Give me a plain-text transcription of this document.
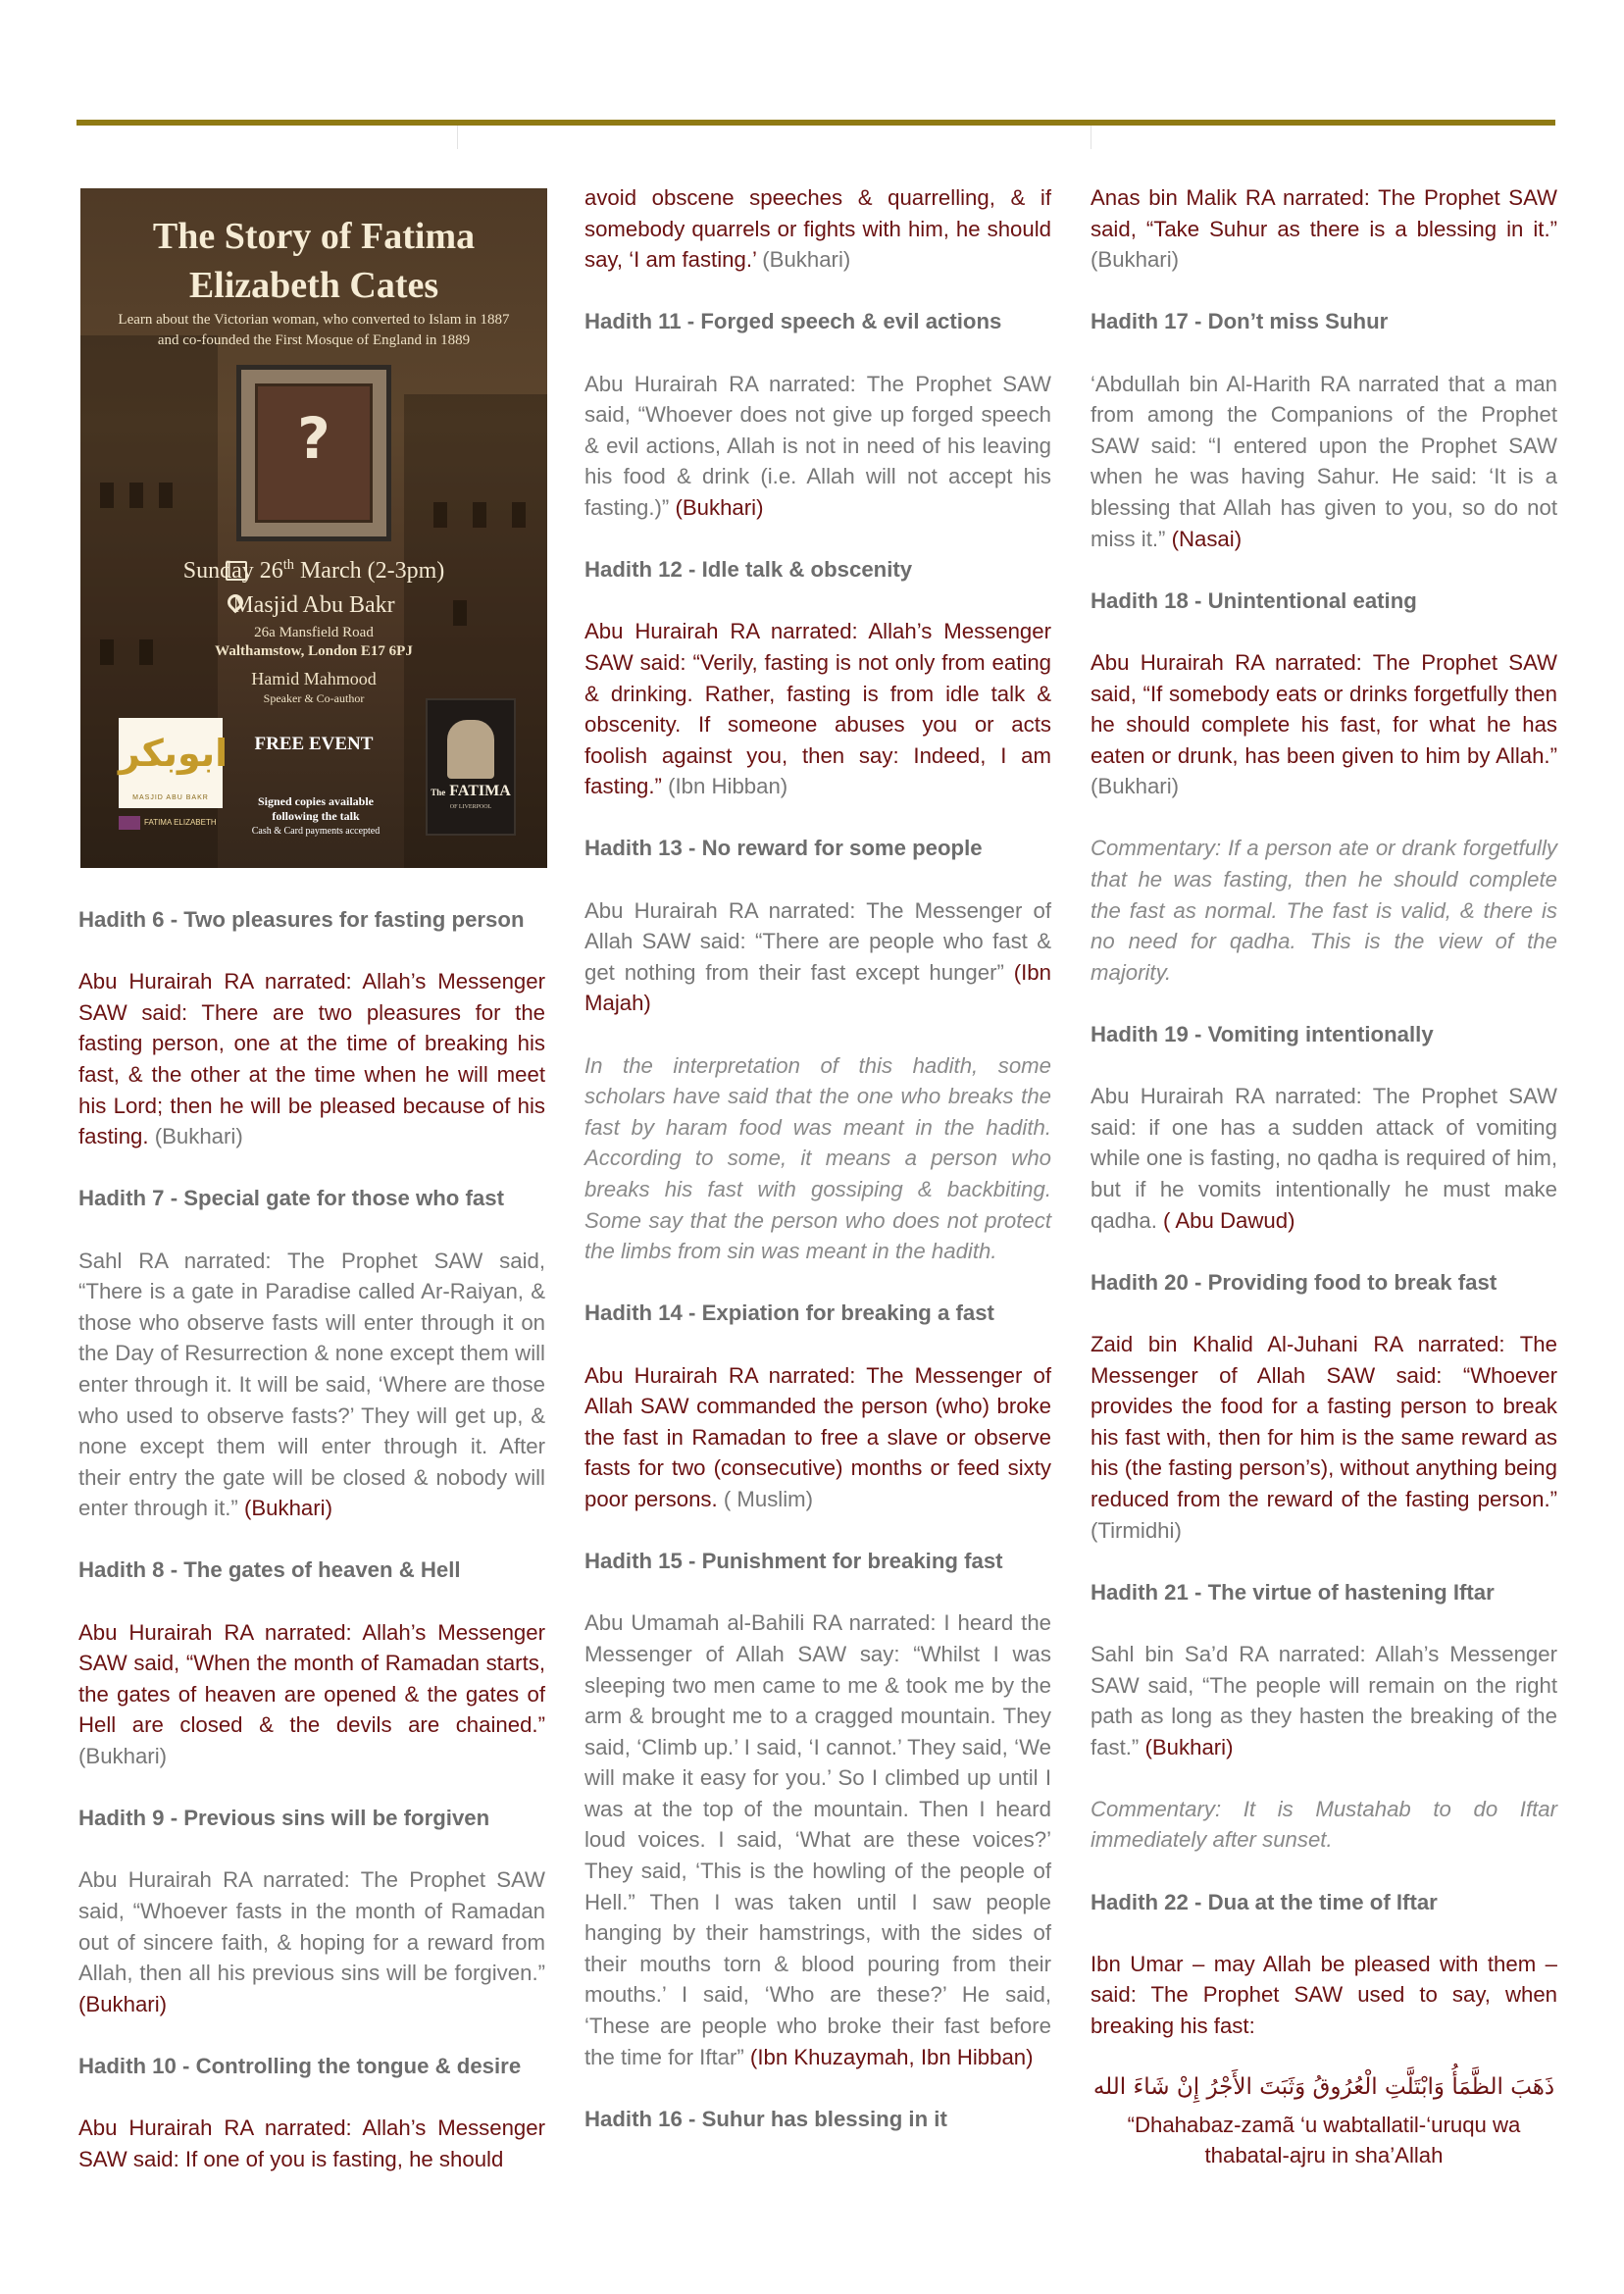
The Story of Fatima
Elizabeth Cates
Learn about the Victorian woman, who converted to Islam in 1887 and co-founded the First Mosque of England in 1889
?
Sunday 26th March (2-3pm)
Masjid Abu Bakr
26a Mansfield Road
Walthamstow, London E17 6PJ
Hamid Mahmood
Speaker & Co-author
FREE EVENT
ابوبكر
MASJID ABU BAKR
FATIMA ELIZABETH
Signed copies available
following the talk
Cash & Card payments accepted
The FATIMA
OF LIVERPOOL

Hadith 6 - Two pleasures for fasting person

Abu Hurairah RA narrated: Allah’s Messenger SAW said: There are two pleasures for the fasting person, one at the time of breaking his fast, & the other at the time when he will meet his Lord; then he will be pleased because of his fasting. (Bukhari)

Hadith 7 - Special gate for those who fast

Sahl RA narrated: The Prophet SAW said, “There is a gate in Paradise called Ar-Raiyan, & those who observe fasts will enter through it on the Day of Resurrection & none except them will enter through it. It will be said, ‘Where are those who used to observe fasts?’ They will get up, & none except them will enter through it. After their entry the gate will be closed & nobody will enter through it.” (Bukhari)

Hadith 8 - The gates of heaven & Hell

Abu Hurairah RA narrated: Allah’s Messenger SAW said, “When the month of Ramadan starts, the gates of heaven are opened & the gates of Hell are closed & the devils are chained.” (Bukhari)

Hadith 9 - Previous sins will be forgiven

Abu Hurairah RA narrated: The Prophet SAW said, “Whoever fasts in the month of Ramadan out of sincere faith, & hoping for a reward from Allah, then all his previous sins will be forgiven.” (Bukhari)

Hadith 10 - Controlling the tongue & desire

Abu Hurairah RA narrated: Allah’s Messenger SAW said: If one of you is fasting, he should

avoid obscene speeches & quarrelling, & if somebody quarrels or fights with him, he should say, ‘I am fasting.’ (Bukhari)

Hadith 11 - Forged speech & evil actions

Abu Hurairah RA narrated: The Prophet SAW said, “Whoever does not give up forged speech & evil actions, Allah is not in need of his leaving his food & drink (i.e. Allah will not accept his fasting.)” (Bukhari)

Hadith 12 - Idle talk & obscenity

Abu Hurairah RA narrated: Allah’s Messenger SAW said: “Verily, fasting is not only from eating & drinking. Rather, fasting is from idle talk & obscenity. If someone abuses you or acts foolish against you, then say: Indeed, I am fasting.” (Ibn Hibban)

Hadith 13 - No reward for some people

Abu Hurairah RA narrated: The Messenger of Allah SAW said: “There are people who fast & get nothing from their fast except hunger” (Ibn Majah)

In the interpretation of this hadith, some scholars have said that the one who breaks the fast by haram food was meant in the hadith. According to some, it means a person who breaks his fast with gossiping & backbiting. Some say that the person who does not protect the limbs from sin was meant in the hadith.

Hadith 14 - Expiation for breaking a fast

Abu Hurairah RA narrated: The Messenger of Allah SAW commanded the person (who) broke the fast in Ramadan to free a slave or observe fasts for two (consecutive) months or feed sixty poor persons. ( Muslim)

Hadith 15 - Punishment for breaking fast

Abu Umamah al-Bahili RA narrated: I heard the Messenger of Allah SAW say: “Whilst I was sleeping two men came to me & took me by the arm & brought me to a cragged mountain. They said, ‘Climb up.’ I said, ‘I cannot.’ They said, ‘We will make it easy for you.’ So I climbed up until I was at the top of the mountain. Then I heard loud voices. I said, ‘What are these voices?’ They said, ‘This is the howling of the people of Hell.” Then I was taken until I saw people hanging by their hamstrings, with the sides of their mouths torn & blood pouring from their mouths.’ I said, ‘Who are these?’ He said, ‘These are people who broke their fast before the time for Iftar” (Ibn Khuzaymah, Ibn Hibban)

Hadith 16 - Suhur has blessing in it

Anas bin Malik RA narrated: The Prophet SAW said, “Take Suhur as there is a blessing in it.” (Bukhari)

Hadith 17 - Don’t miss Suhur

‘Abdullah bin Al-Harith RA narrated that a man from among the Companions of the Prophet SAW said: “I entered upon the Prophet SAW when he was having Sahur. He said: ‘It is a blessing that Allah has given to you, so do not miss it.” (Nasai)

Hadith 18 - Unintentional eating

Abu Hurairah RA narrated: The Prophet SAW said, “If somebody eats or drinks forgetfully then he should complete his fast, for what he has eaten or drunk, has been given to him by Allah.” (Bukhari)

Commentary: If a person ate or drank forgetfully that he was fasting, then he should complete the fast as normal. The fast is valid, & there is no need for qadha. This is the view of the majority.

Hadith 19 - Vomiting intentionally

Abu Hurairah RA narrated: The Prophet SAW said: if one has a sudden attack of vomiting while one is fasting, no qadha is required of him, but if he vomits intentionally he must make qadha. ( Abu Dawud)

Hadith 20 - Providing food to break fast

Zaid bin Khalid Al-Juhani RA narrated: The Messenger of Allah SAW said: “Whoever provides the food for a fasting person to break his fast with, then for him is the same reward as his (the fasting person’s), without anything being reduced from the reward of the fasting person.” (Tirmidhi)

Hadith 21 - The virtue of hastening Iftar

Sahl bin Sa’d RA narrated: Allah’s Messenger SAW said, “The people will remain on the right path as long as they hasten the breaking of the fast.” (Bukhari)

Commentary: It is Mustahab to do Iftar immediately after sunset.

Hadith 22 - Dua at the time of Iftar

Ibn Umar – may Allah be pleased with them – said: The Prophet SAW used to say, when breaking his fast:

ذَهَبَ الظَّمَأُ وَابْتَلَّتِ الْعُرُوقُ وَثَبَتَ الأَجْرُ إِنْ شَاءَ الله

“Dhahabaz-zamã ‘u wabtallatil-‘uruqu wa thabatal-ajru in sha’Allah
